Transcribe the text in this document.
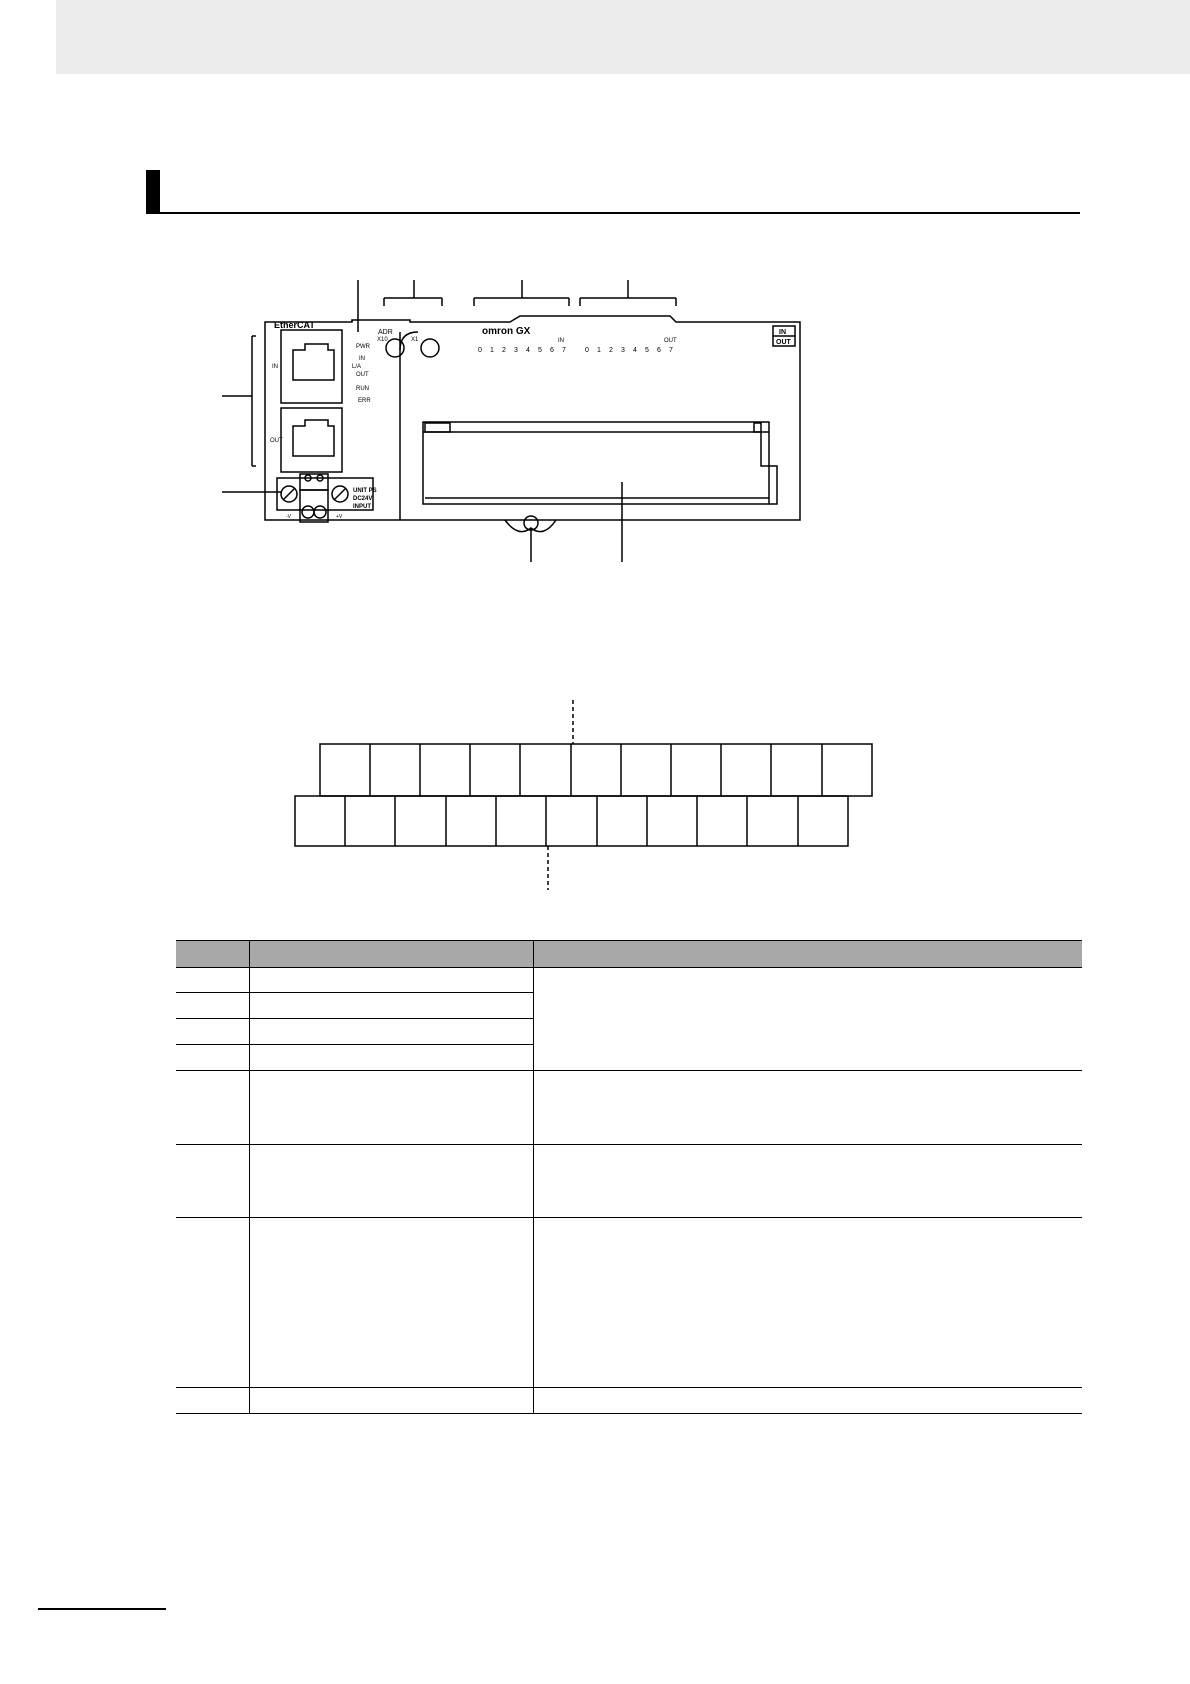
EtherCAT
IN
OUT
PWR
IN
L/A
OUT
RUN
ERR
ADR
X10	X1
omron GX
IN	OUT
0 1 2 3 4 5 6 7	0 1 2 3 4 5 6 7
IN
OUT
UNIT PS
DC24V
INPUT
-V	+V
